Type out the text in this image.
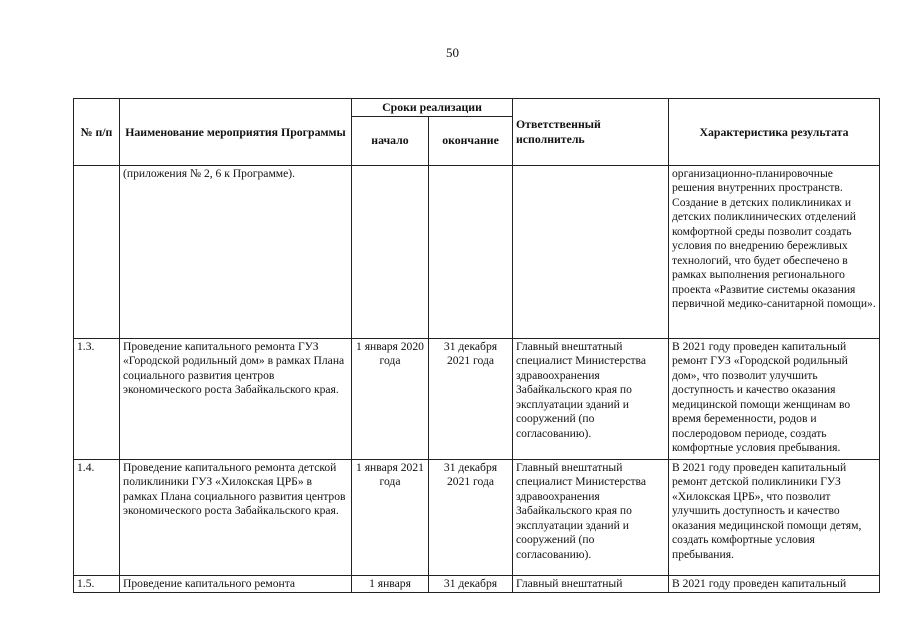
50
№ п/п	Наименование мероприятия Программы	Сроки реализации		Ответственный исполнитель	Характеристика результата
		начало	окончание		
	(приложения № 2, 6 к Программе).				организационно-планировочные решения внутренних пространств. Создание в детских поликлиниках и детских поликлинических отделений комфортной среды позволит создать условия по внедрению бережливых технологий, что будет обеспечено в рамках выполнения регионального проекта «Развитие системы оказания первичной медико-санитарной помощи».
1.3.	Проведение капитального ремонта ГУЗ «Городской родильный дом» в рамках Плана социального развития центров экономического роста Забайкальского края.	1 января 2020 года	31 декабря 2021 года	Главный внештатный специалист Министерства здравоохранения Забайкальского края по эксплуатации зданий и сооружений (по согласованию).	В 2021 году проведен капитальный ремонт ГУЗ «Городской родильный дом», что позволит улучшить доступность и качество оказания медицинской помощи женщинам во время беременности, родов и послеродовом периоде, создать комфортные условия пребывания.
1.4.	Проведение капитального ремонта детской поликлиники ГУЗ «Хилокская ЦРБ» в рамках Плана социального развития центров экономического роста Забайкальского края.	1 января 2021 года	31 декабря 2021 года	Главный внештатный специалист Министерства здравоохранения Забайкальского края по эксплуатации зданий и сооружений (по согласованию).	В 2021 году проведен капитальный ремонт детской поликлиники ГУЗ «Хилокская ЦРБ», что позволит улучшить доступность и качество оказания медицинской помощи детям, создать комфортные условия пребывания.
1.5.	Проведение капитального ремонта	1 января	31 декабря	Главный внештатный	В 2021 году проведен капитальный
